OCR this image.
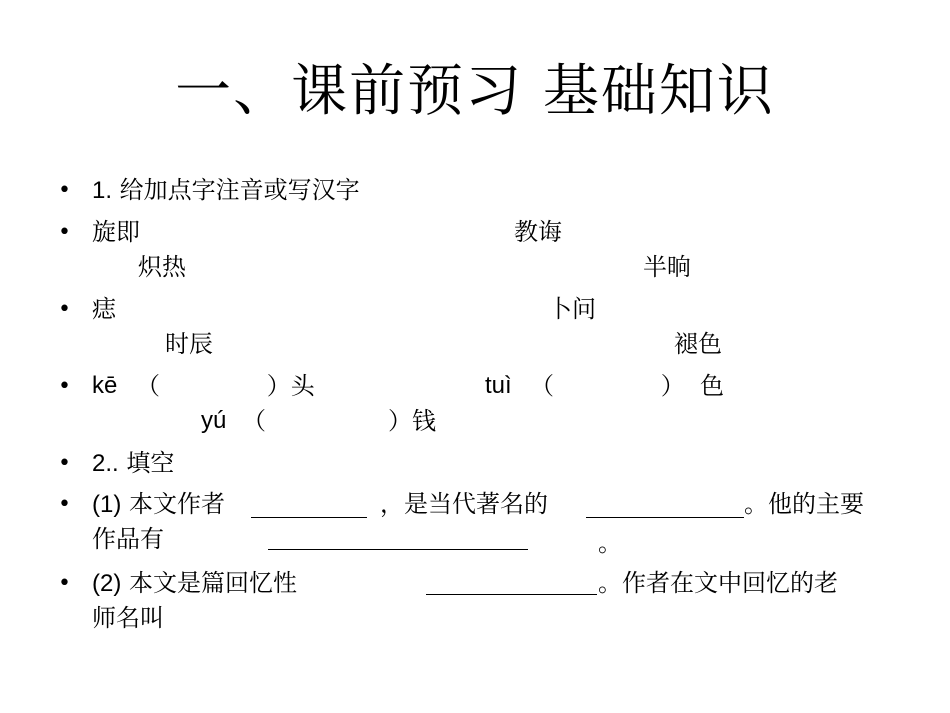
一、课前预习 基础知识
• 1. 给加点字注音或写汉字
• 旋即	教诲
炽热	半晌
• 痣	卜问
时辰	褪色
• kē （              ）头	tuì （              ）  色
yú （                ）钱
• 2.. 填空
• (1) 本文作者	，是当代著名的	。他的主要
作品有	。
• (2) 本文是篇回忆性	。作者在文中回忆的老
师名叫
